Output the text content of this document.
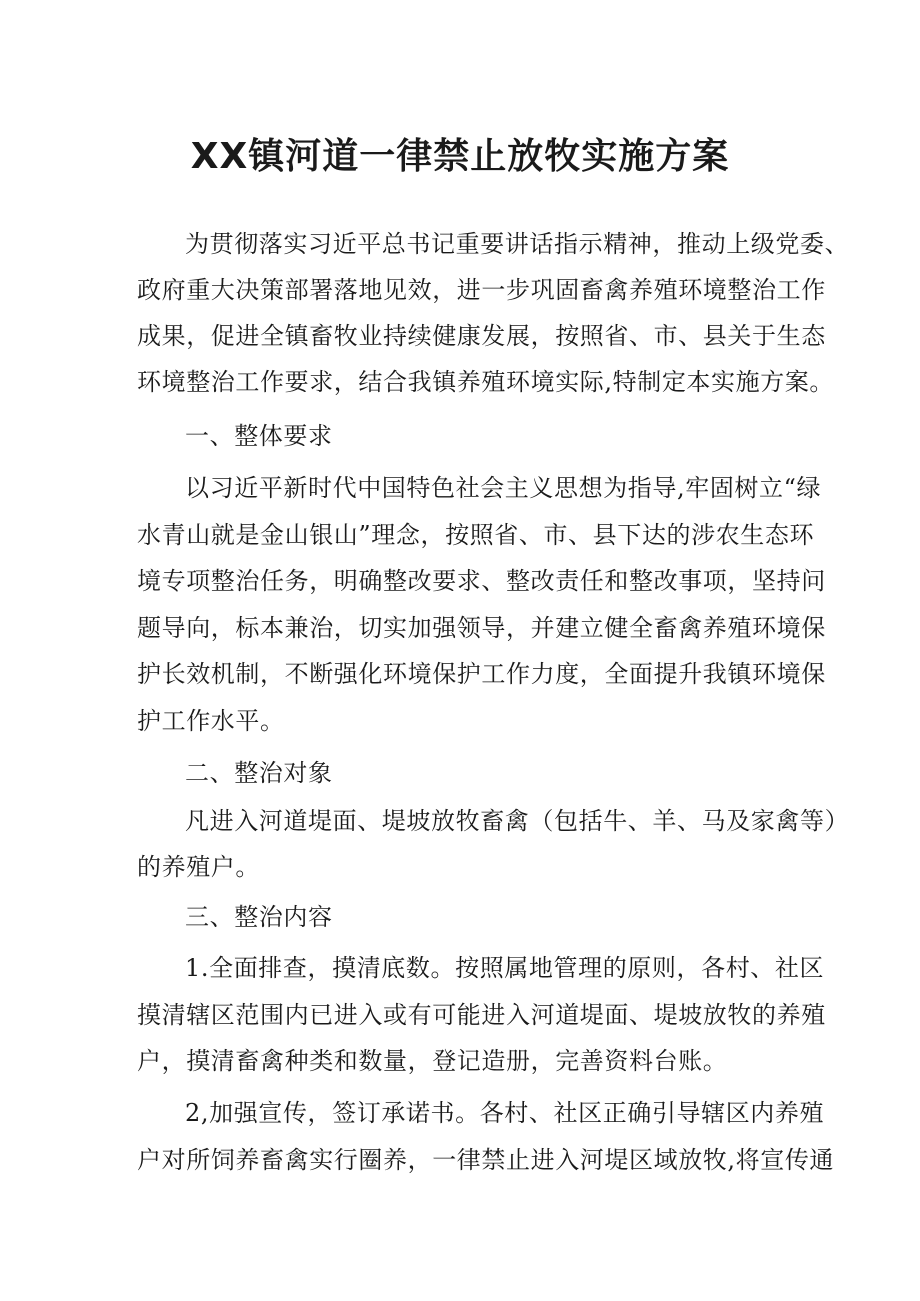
XX镇河道一律禁止放牧实施方案
为贯彻落实习近平总书记重要讲话指示精神，推动上级党委、
政府重大决策部署落地见效，进一步巩固畜禽养殖环境整治工作
成果，促进全镇畜牧业持续健康发展，按照省、市、县关于生态
环境整治工作要求，结合我镇养殖环境实际,特制定本实施方案。
一、整体要求
以习近平新时代中国特色社会主义思想为指导,牢固树立“绿
水青山就是金山银山”理念，按照省、市、县下达的涉农生态环
境专项整治任务，明确整改要求、整改责任和整改事项，坚持问
题导向，标本兼治，切实加强领导，并建立健全畜禽养殖环境保
护长效机制，不断强化环境保护工作力度，全面提升我镇环境保
护工作水平。
二、整治对象
凡进入河道堤面、堤坡放牧畜禽（包括牛、羊、马及家禽等）
的养殖户。
三、整治内容
1.全面排查，摸清底数。按照属地管理的原则，各村、社区
摸清辖区范围内已进入或有可能进入河道堤面、堤坡放牧的养殖
户，摸清畜禽种类和数量，登记造册，完善资料台账。
2,加强宣传，签订承诺书。各村、社区正确引导辖区内养殖
户对所饲养畜禽实行圈养，一律禁止进入河堤区域放牧,将宣传通
